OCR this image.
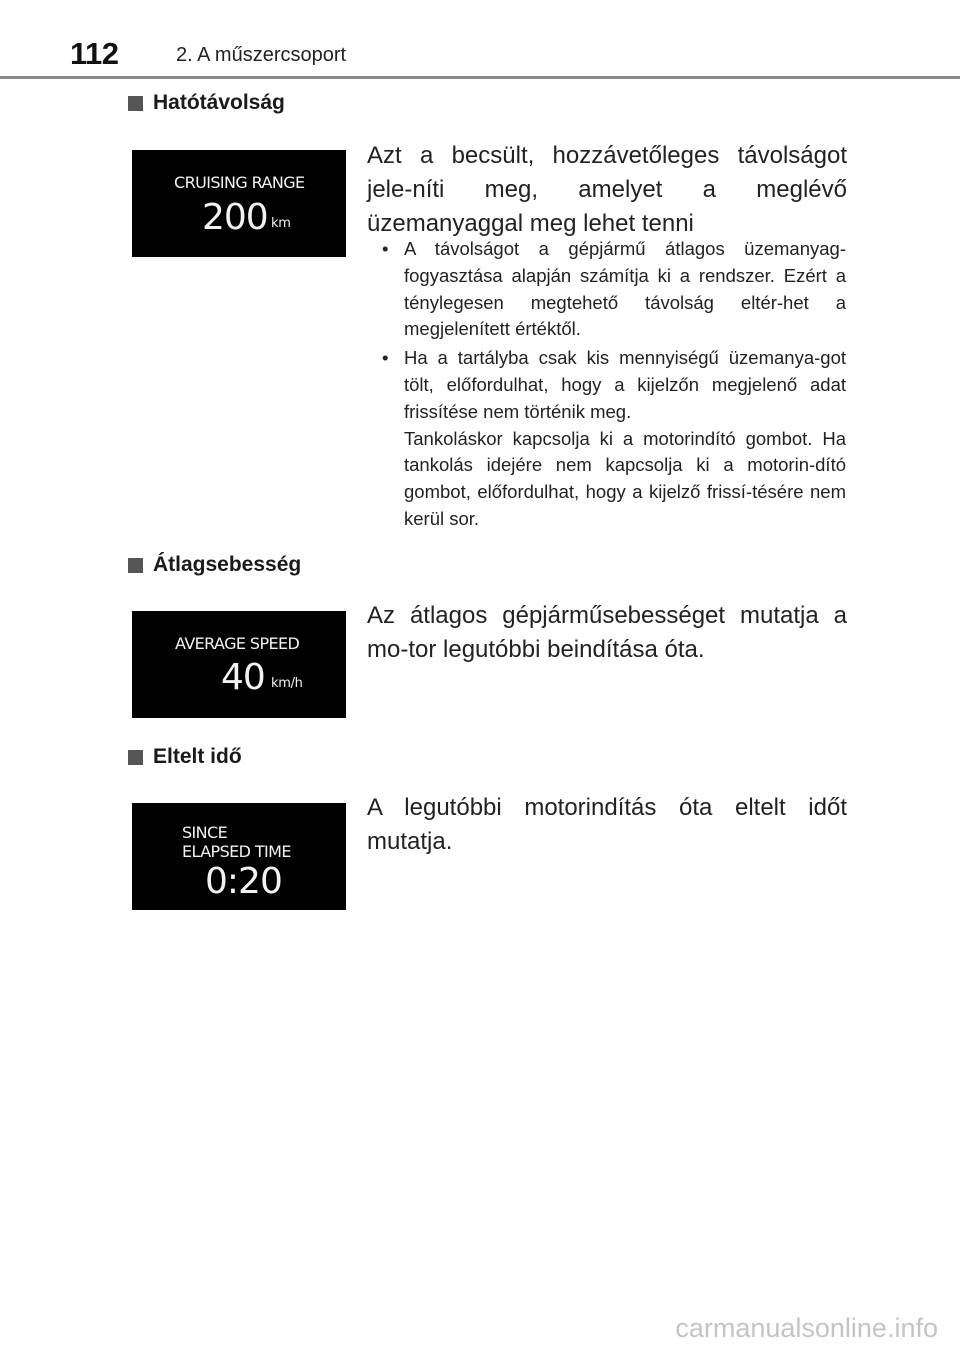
112	2. A műszercsoport
Hatótávolság
CRUISING RANGE
200 km
Azt a becsült, hozzávetőleges távolságot jele-níti meg, amelyet a meglévő üzemanyaggal meg lehet tenni
• A távolságot a gépjármű átlagos üzemanyag-fogyasztása alapján számítja ki a rendszer. Ezért a ténylegesen megtehető távolság eltér-het a megjelenített értéktől.
• Ha a tartályba csak kis mennyiségű üzemanya-got tölt, előfordulhat, hogy a kijelzőn megjelenő adat frissítése nem történik meg.
Tankoláskor kapcsolja ki a motorindító gombot. Ha tankolás idejére nem kapcsolja ki a motorin-dító gombot, előfordulhat, hogy a kijelző frissí-tésére nem kerül sor.
Átlagsebesség
AVERAGE SPEED
40 km/h
Az átlagos gépjárműsebességet mutatja a mo-tor legutóbbi beindítása óta.
Eltelt idő
SINCE
ELAPSED TIME
0:20
A legutóbbi motorindítás óta eltelt időt mutatja.
carmanualsonline.info
